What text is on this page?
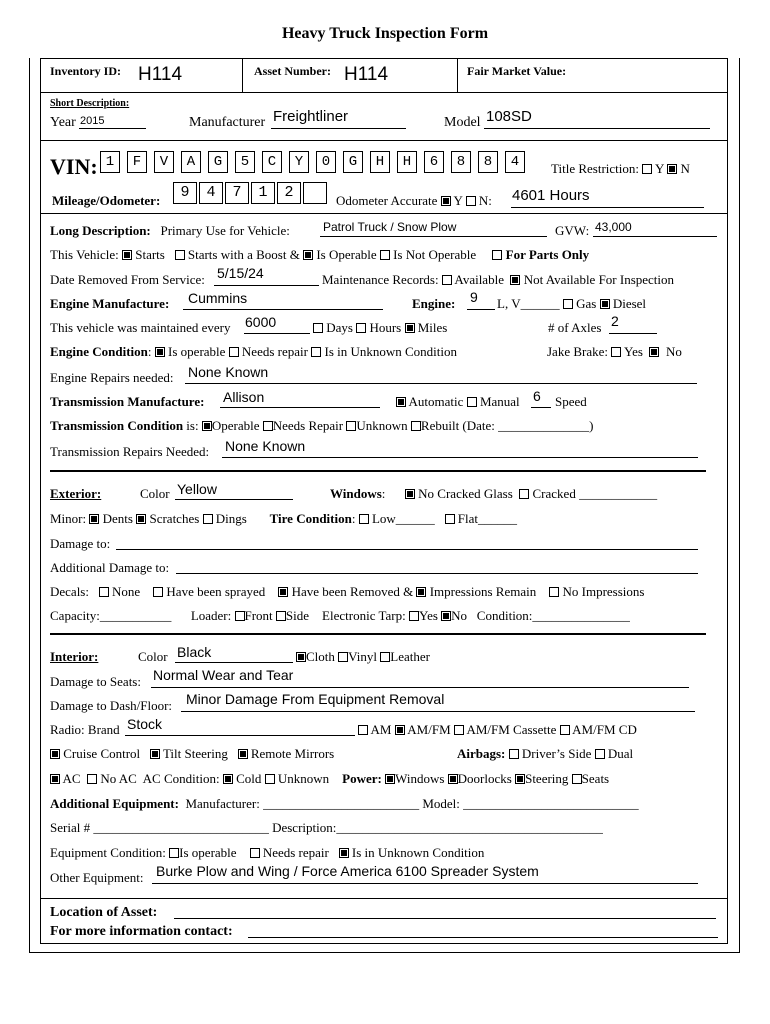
Heavy Truck Inspection Form
Inventory ID: H114	Asset Number: H114	Fair Market Value:
Short Description:
Year 2015	Manufacturer Freightliner	Model 108SD
VIN: 1	F	V	A	G	5	C	Y	0	G	H	H	6	8	8	4	Title Restriction: Y N
Mileage/Odometer:	9	4	7	1	2	Odometer Accurate Y N: 4601 Hours
Long Description: Primary Use for Vehicle:	Patrol Truck / Snow Plow	GVW: 43,000
This Vehicle: Starts Starts with a Boost & Is Operable Is Not Operable For Parts Only
Date Removed From Service: 5/15/24	Maintenance Records: Available Not Available For Inspection
Engine Manufacture: Cummins	Engine: 9 L, V______  Gas Diesel
This vehicle was maintained every 6000	Days Hours Miles	# of Axles 2
Engine Condition:  Is operable Needs repair Is in Unknown Condition	Jake Brake: Yes No
Engine Repairs needed: None Known
Transmission Manufacture: Allison	Automatic Manual 6 Speed
Transmission Condition is: Operable Needs Repair Unknown Rebuilt (Date: ______________)
Transmission Repairs Needed: None Known
Exterior:	Color Yellow	Windows:       No Cracked Glass Cracked ____________
Minor: Dents Scratches Dings Tire Condition:  Low______    Flat______
Damage to:
Additional Damage to:
Decals: None Have been sprayed Have been Removed & Impressions Remain No Impressions
Capacity:___________      Loader: Front Side Electronic Tarp: Yes No Condition:_______________
Interior:	Color Black	Cloth Vinyl Leather
Damage to Seats: Normal Wear and Tear
Damage to Dash/Floor: Minor Damage From Equipment Removal
Radio: Brand Stock	AM AM/FM AM/FM Cassette AM/FM CD
Cruise Control Tilt Steering Remote Mirrors	Airbags: Driver’s Side Dual
AC No AC AC Condition: Cold Unknown Power: Windows Doorlocks Steering Seats
Additional Equipment: Manufacturer: ________________________ Model: ___________________________
Serial # ___________________________ Description:_________________________________________
Equipment Condition: Is operable Needs repair Is in Unknown Condition
Other Equipment: Burke Plow and Wing / Force America 6100 Spreader System
Location of Asset:
For more information contact:
